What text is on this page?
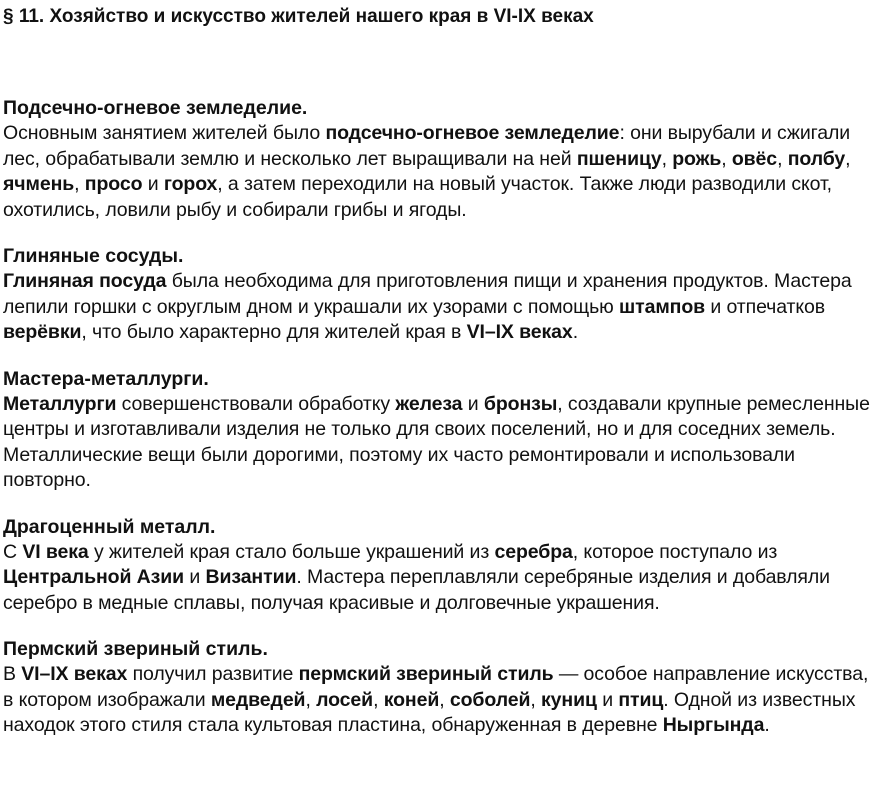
§ 11. Хозяйство и искусство жителей нашего края в VI-IX веках
Подсечно-огневое земледелие.

Основным занятием жителей было подсечно-огневое земледелие: они вырубали и сжигали лес, обрабатывали землю и несколько лет выращивали на ней пшеницу, рожь, овёс, полбу, ячмень, просо и горох, а затем переходили на новый участок. Также люди разводили скот, охотились, ловили рыбу и собирали грибы и ягоды.

Глиняные сосуды.

Глиняная посуда была необходима для приготовления пищи и хранения продуктов. Мастера лепили горшки с округлым дном и украшали их узорами с помощью штампов и отпечатков верёвки, что было характерно для жителей края в VI–IX веках.

Мастера-металлурги.

Металлурги совершенствовали обработку железа и бронзы, создавали крупные ремесленные центры и изготавливали изделия не только для своих поселений, но и для соседних земель. Металлические вещи были дорогими, поэтому их часто ремонтировали и использовали повторно.

Драгоценный металл.

С VI века у жителей края стало больше украшений из серебра, которое поступало из Центральной Азии и Византии. Мастера переплавляли серебряные изделия и добавляли серебро в медные сплавы, получая красивые и долговечные украшения.

Пермский звериный стиль.

В VI–IX веках получил развитие пермский звериный стиль — особое направление искусства, в котором изображали медведей, лосей, коней, соболей, куниц и птиц. Одной из известных находок этого стиля стала культовая пластина, обнаруженная в деревне Ныргында.
